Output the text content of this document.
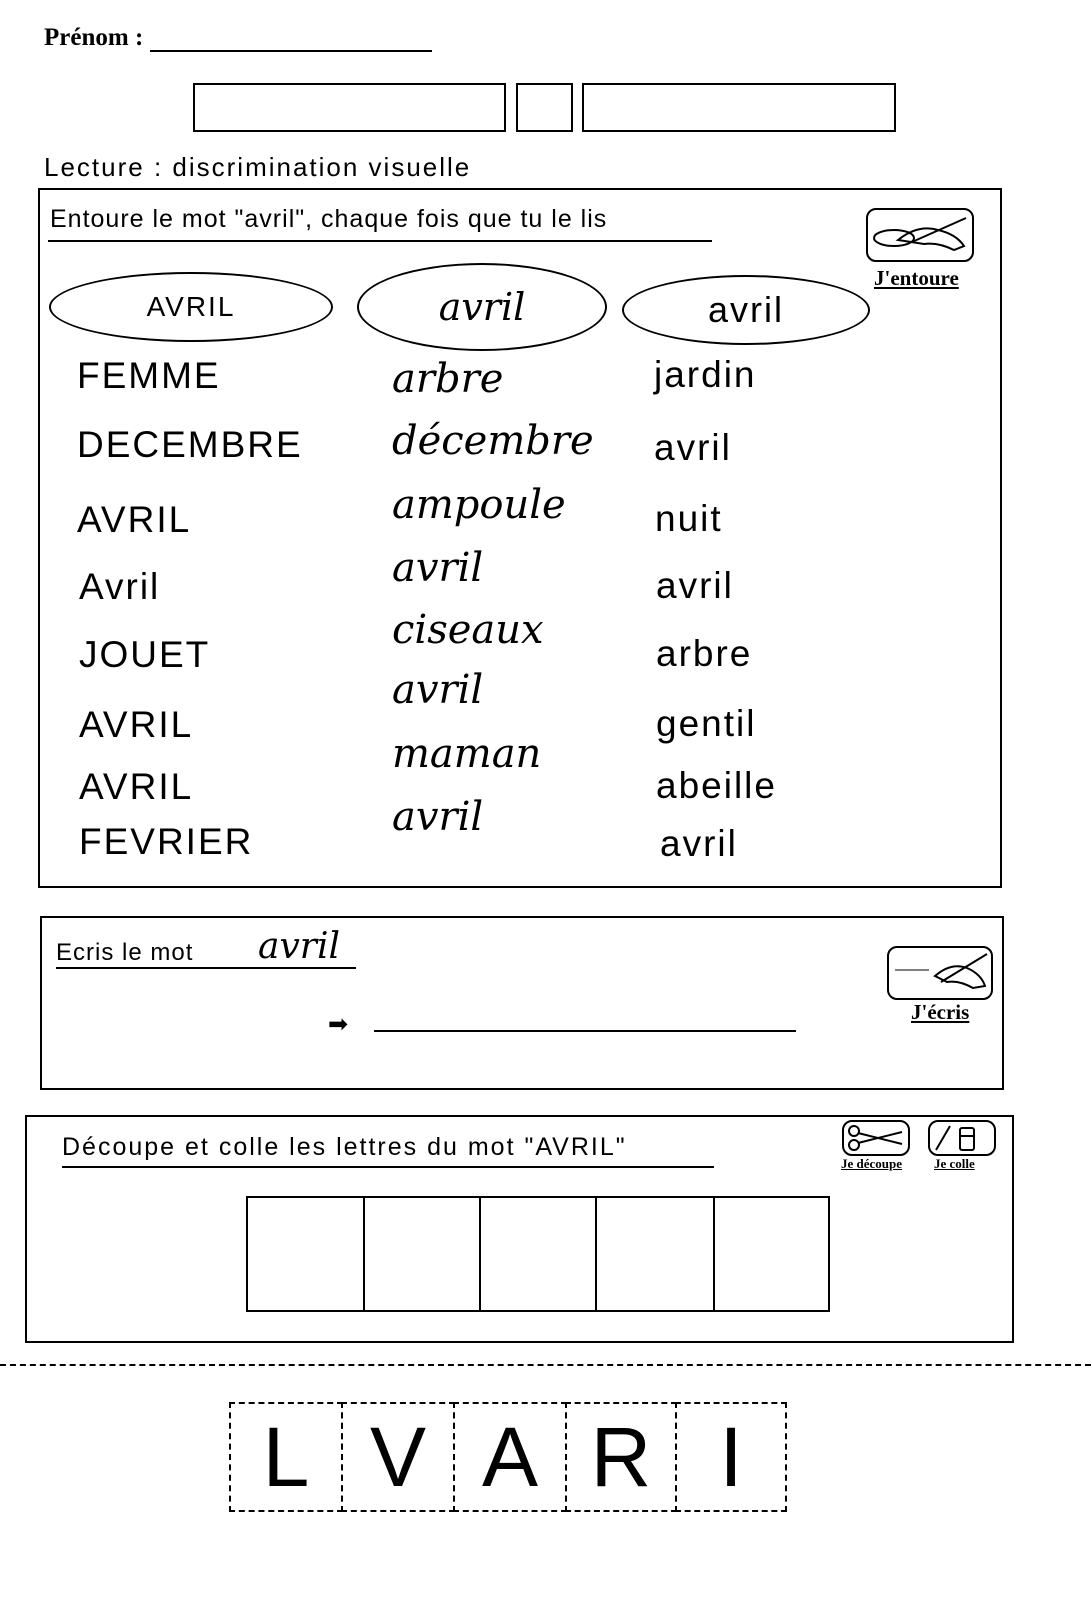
Prénom :
Lecture : discrimination visuelle
Entoure le mot "avril", chaque fois que tu le lis
J'entoure
AVRIL	avril	avril
FEMME
DECEMBRE
AVRIL
Avril
JOUET
AVRIL
AVRIL
FEVRIER
arbre
décembre
ampoule
avril
ciseaux
avril
maman
avril
jardin
avril
nuit
avril
arbre
gentil
abeille
avril
Ecris le mot avril
➡	J'écris
Découpe et colle les lettres du mot "AVRIL"
Je découpe Je colle
L V A R I
